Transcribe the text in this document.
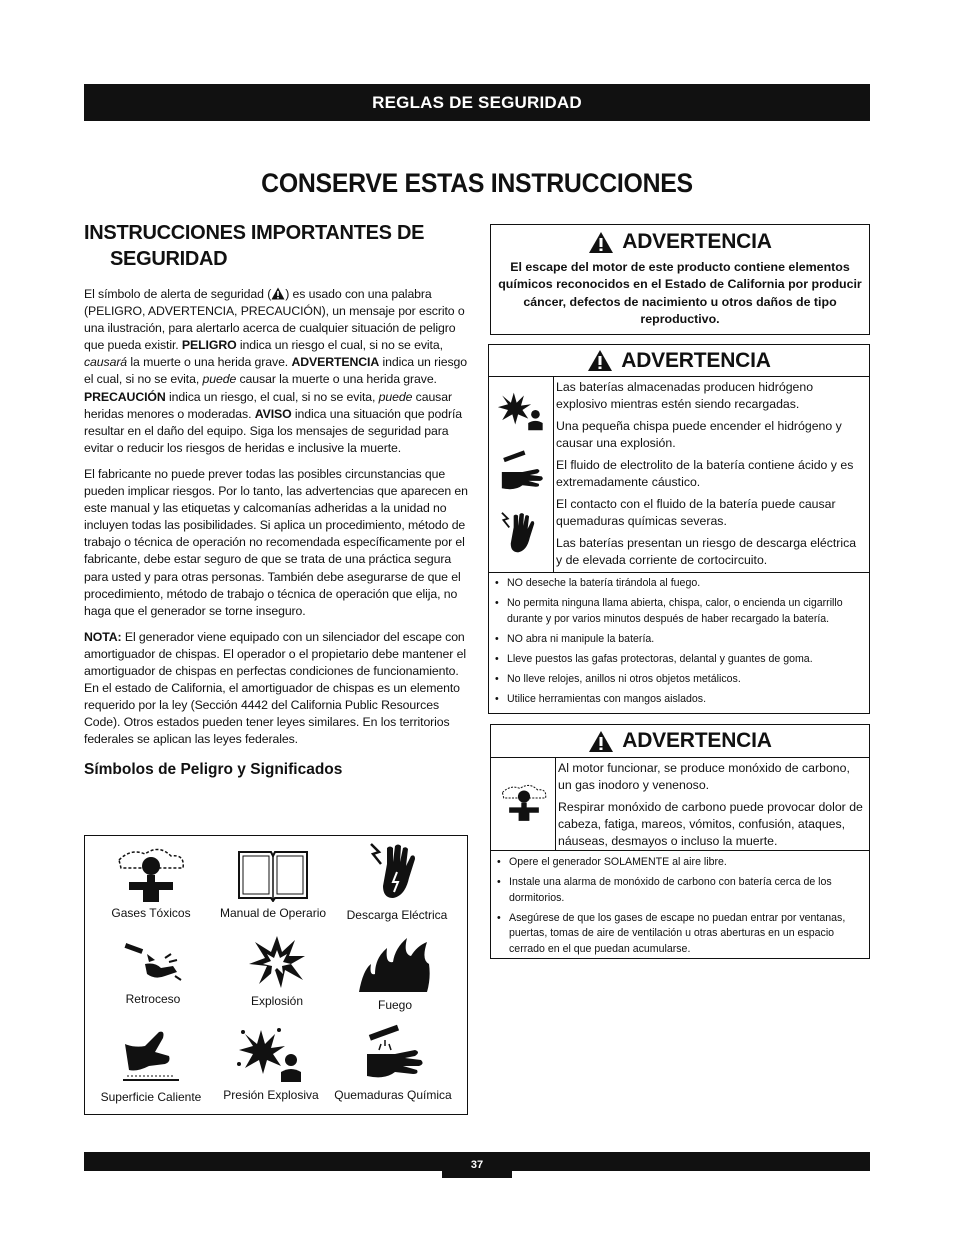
REGLAS DE SEGURIDAD
CONSERVE ESTAS INSTRUCCIONES
INSTRUCCIONES IMPORTANTES DE
SEGURIDAD

El símbolo de alerta de seguridad ( ) es usado con una palabra (PELIGRO, ADVERTENCIA, PRECAUCIÓN), un mensaje por escrito o una ilustración, para alertarlo acerca de cualquier situación de peligro que pueda existir. PELIGRO indica un riesgo el cual, si no se evita, causará la muerte o una herida grave. ADVERTENCIA indica un riesgo el cual, si no se evita, puede causar la muerte o una herida grave. PRECAUCIÓN indica un riesgo, el cual, si no se evita, puede causar heridas menores o moderadas. AVISO indica una situación que podría resultar en el daño del equipo. Siga los mensajes de seguridad para evitar o reducir los riesgos de heridas e inclusive la muerte.

El fabricante no puede prever todas las posibles circunstancias que pueden implicar riesgos. Por lo tanto, las advertencias que aparecen en este manual y las etiquetas y calcomanías adheridas a la unidad no incluyen todas las posibilidades. Si aplica un procedimiento, método de trabajo o técnica de operación no recomendada específicamente por el fabricante, debe estar seguro de que se trata de una práctica segura para usted y para otras personas. También debe asegurarse de que el procedimiento, método de trabajo o técnica de operación que elija, no haga que el generador se torne inseguro.

NOTA: El generador viene equipado con un silenciador del escape con amortiguador de chispas. El operador o el propietario debe mantener el amortiguador de chispas en perfectas condiciones de funcionamiento. En el estado de California, el amortiguador de chispas es un elemento requerido por la ley (Sección 4442 del California Public Resources Code). Otros estados pueden tener leyes similares. En los territorios federales se aplican las leyes federales.

Símbolos de Peligro y Significados
Gases Tóxicos	Manual de Operario	Descarga Eléctrica
Retroceso	Explosión	Fuego
Superficie Caliente	Presión Explosiva	Quemaduras Química
ADVERTENCIA
El escape del motor de este producto contiene elementos químicos reconocidos en el Estado de California por producir cáncer, defectos de nacimiento u otros daños de tipo reproductivo.
ADVERTENCIA

Las baterías almacenadas producen hidrógeno explosivo mientras estén siendo recargadas.

Una pequeña chispa puede encender el hidrógeno y causar una explosión.

El fluido de electrolito de la batería contiene ácido y es extremadamente cáustico.

El contacto con el fluido de la batería puede causar quemaduras químicas severas.

Las baterías presentan un riesgo de descarga eléctrica y de elevada corriente de cortocircuito.

• NO deseche la batería tirándola al fuego.
• No permita ninguna llama abierta, chispa, calor, o encienda un cigarrillo durante y por varios minutos después de haber recargado la batería.
• NO abra ni manipule la batería.
• Lleve puestos las gafas protectoras, delantal y guantes de goma.
• No lleve relojes, anillos ni otros objetos metálicos.
• Utilice herramientas con mangos aislados.
ADVERTENCIA

Al motor funcionar, se produce monóxido de carbono, un gas inodoro y venenoso.

Respirar monóxido de carbono puede provocar dolor de cabeza, fatiga, mareos, vómitos, confusión, ataques, náuseas, desmayos o incluso la muerte.

• Opere el generador SOLAMENTE al aire libre.
• Instale una alarma de monóxido de carbono con batería cerca de los dormitorios.
• Asegúrese de que los gases de escape no puedan entrar por ventanas, puertas, tomas de aire de ventilación u otras aberturas en un espacio cerrado en el que puedan acumularse.
37
